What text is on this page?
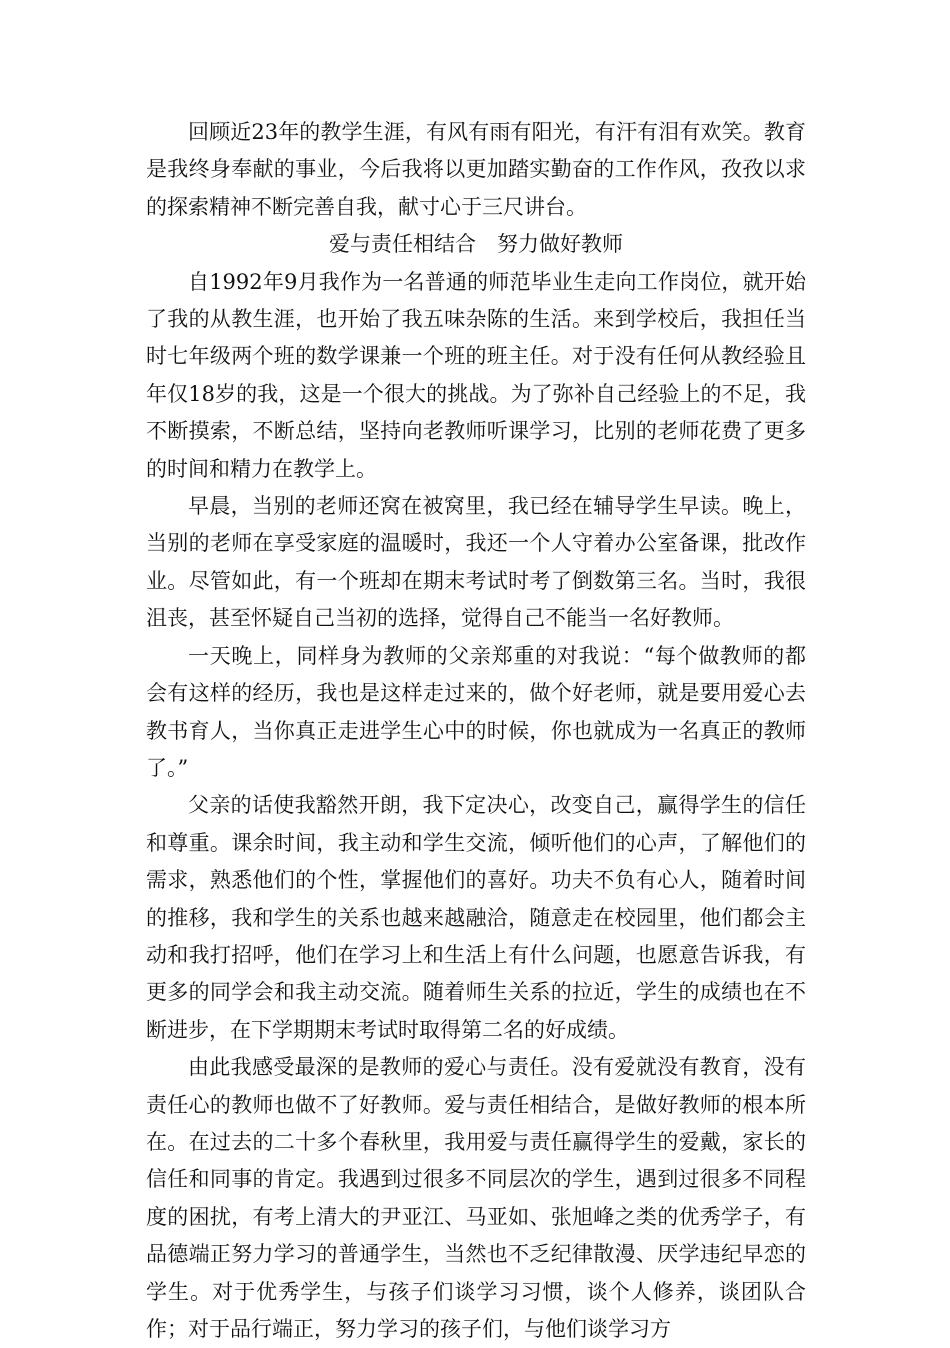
回顾近23年的教学生涯，有风有雨有阳光，有汗有泪有欢笑。教育是我终身奉献的事业，今后我将以更加踏实勤奋的工作作风，孜孜以求的探索精神不断完善自我，献寸心于三尺讲台。

爱与责任相结合　努力做好教师

自1992年9月我作为一名普通的师范毕业生走向工作岗位，就开始了我的从教生涯，也开始了我五味杂陈的生活。来到学校后，我担任当时七年级两个班的数学课兼一个班的班主任。对于没有任何从教经验且年仅18岁的我，这是一个很大的挑战。为了弥补自己经验上的不足，我不断摸索，不断总结，坚持向老教师听课学习，比别的老师花费了更多的时间和精力在教学上。

早晨，当别的老师还窝在被窝里，我已经在辅导学生早读。晚上，当别的老师在享受家庭的温暖时，我还一个人守着办公室备课，批改作业。尽管如此，有一个班却在期末考试时考了倒数第三名。当时，我很沮丧，甚至怀疑自己当初的选择，觉得自己不能当一名好教师。

一天晚上，同样身为教师的父亲郑重的对我说：“每个做教师的都会有这样的经历，我也是这样走过来的，做个好老师，就是要用爱心去教书育人，当你真正走进学生心中的时候，你也就成为一名真正的教师了。”

父亲的话使我豁然开朗，我下定决心，改变自己，赢得学生的信任和尊重。课余时间，我主动和学生交流，倾听他们的心声，了解他们的需求，熟悉他们的个性，掌握他们的喜好。功夫不负有心人，随着时间的推移，我和学生的关系也越来越融洽，随意走在校园里，他们都会主动和我打招呼，他们在学习上和生活上有什么问题，也愿意告诉我，有更多的同学会和我主动交流。随着师生关系的拉近，学生的成绩也在不断进步，在下学期期末考试时取得第二名的好成绩。

由此我感受最深的是教师的爱心与责任。没有爱就没有教育，没有责任心的教师也做不了好教师。爱与责任相结合，是做好教师的根本所在。在过去的二十多个春秋里，我用爱与责任赢得学生的爱戴，家长的信任和同事的肯定。我遇到过很多不同层次的学生，遇到过很多不同程度的困扰，有考上清大的尹亚江、马亚如、张旭峰之类的优秀学子，有品德端正努力学习的普通学生，当然也不乏纪律散漫、厌学违纪早恋的学生。对于优秀学生，与孩子们谈学习习惯，谈个人修养，谈团队合作；对于品行端正，努力学习的孩子们，与他们谈学习方
